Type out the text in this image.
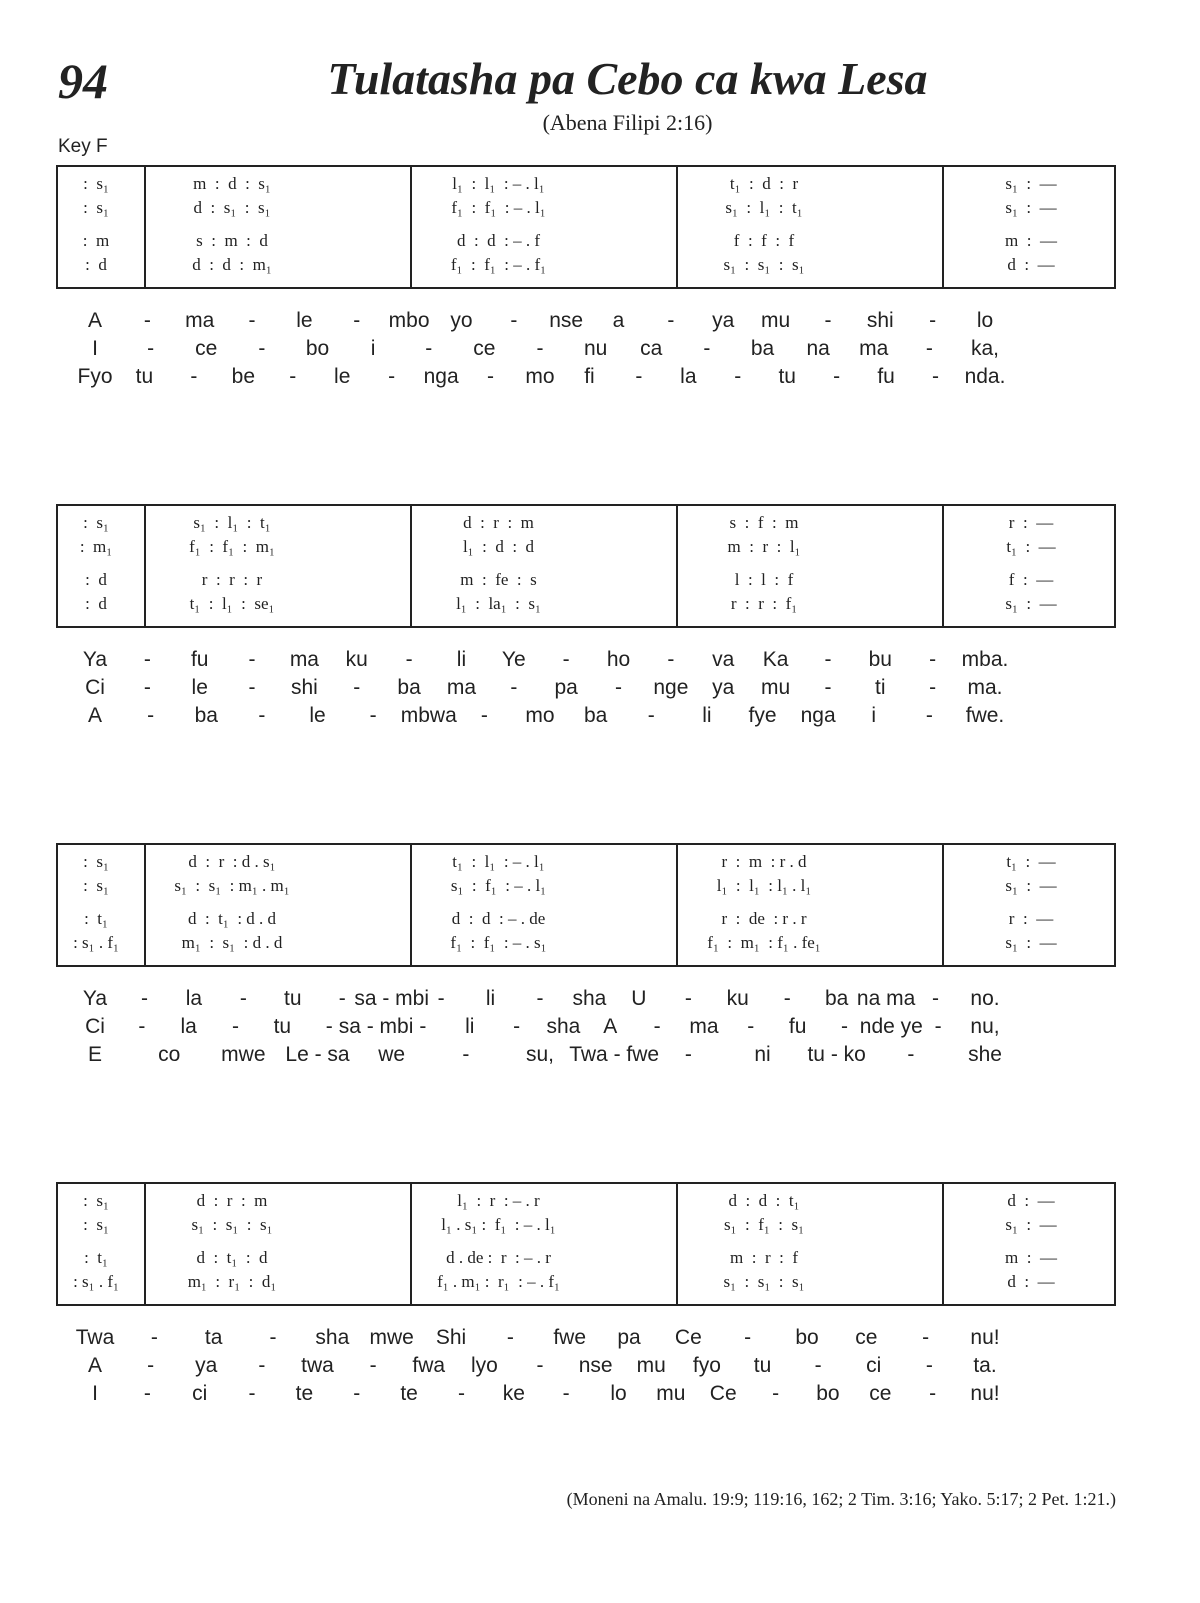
94	Tulatasha pa Cebo ca kwa Lesa
(Abena Filipi 2:16)
Key F
:  s₁	m  :  d  :  s₁	l₁  :  l₁  : – . l₁	t₁  :  d  :  r	s₁  :  —
:  s₁	d  :  s₁  :  s₁	f₁  :  f₁  : – . l₁	s₁  :  l₁  :  t₁	s₁  :  —
:  m	s  :  m  :  d	d  :  d  : – . f	f  :  f  :  f	m  :  —
:  d	d  :  d  :  m₁	f₁  :  f₁  : – . f₁	s₁  :  s₁  :  s₁	d  :  —
A - ma - le - mbo yo - nse a - ya mu - shi - lo
I - ce - bo i - ce - nu ca - ba na ma - ka,
Fyo tu - be - le - nga - mo fi - la - tu - fu - nda.
:  s₁	s₁  :  l₁  :  t₁	d  :  r  :  m	s  :  f  :  m	r  :  —
:  m₁	f₁  :  f₁  :  m₁	l₁  :  d  :  d	m  :  r  :  l₁	t₁  :  —
:  d	r  :  r  :  r	m  :  fe  :  s	l  :  l  :  f	f  :  —
:  d	t₁  :  l₁  :  se₁	l₁  :  la₁  :  s₁	r  :  r  :  f₁	s₁  :  —
Ya - fu - ma ku - li Ye - ho - va Ka - bu - mba.
Ci - le - shi - ba ma - pa - nge ya mu - ti - ma.
A - ba - le - mbwa - mo ba - li fye nga i - fwe.
:  s₁	d  :  r  : d . s₁	t₁  :  l₁  : – . l₁	r  :  m  : r . d	t₁  :  —
:  s₁	s₁  :  s₁  : m₁ . m₁	s₁  :  f₁  : – . l₁	l₁  :  l₁  : l₁ . l₁	s₁  :  —
:  t₁	d  :  t₁  : d . d	d  :  d  : – . de	r  :  de  : r . r	r  :  —
: s₁ . f₁	m₁  :  s₁  : d . d	f₁  :  f₁  : – . s₁	f₁  :  m₁  : f₁ . fe₁	s₁  :  —
Ya - la - tu - sa - mbi - li - sha U - ku - ba na ma - no.
Ci - la - tu - sa - mbi - li - sha A - ma - fu - nde ye - nu,
E	co mwe Le - sa we	-	su, Twa - fwe -	ni tu - ko -	she
:  s₁	d  :  r  :  m	l₁  :  r  : – . r	d  :  d  :  t₁	d  :  —
:  s₁	s₁  :  s₁  :  s₁	l₁ . s₁ :  f₁  : – . l₁	s₁  :  f₁  :  s₁	s₁  :  —
:  t₁	d  :  t₁  :  d	d . de :  r  : – . r	m  :  r  :  f	m  :  —
: s₁ . f₁	m₁  :  r₁  :  d₁	f₁ . m₁ :  r₁  : – . f₁	s₁  :  s₁  :  s₁	d  :  —
Twa - ta - sha mwe Shi - fwe pa Ce - bo ce - nu!
A - ya - twa - fwa lyo - nse mu fyo tu - ci - ta.
I - ci - te - te - ke - lo mu Ce - bo ce - nu!
(Moneni na Amalu. 19:9; 119:16, 162; 2 Tim. 3:16; Yako. 5:17; 2 Pet. 1:21.)
